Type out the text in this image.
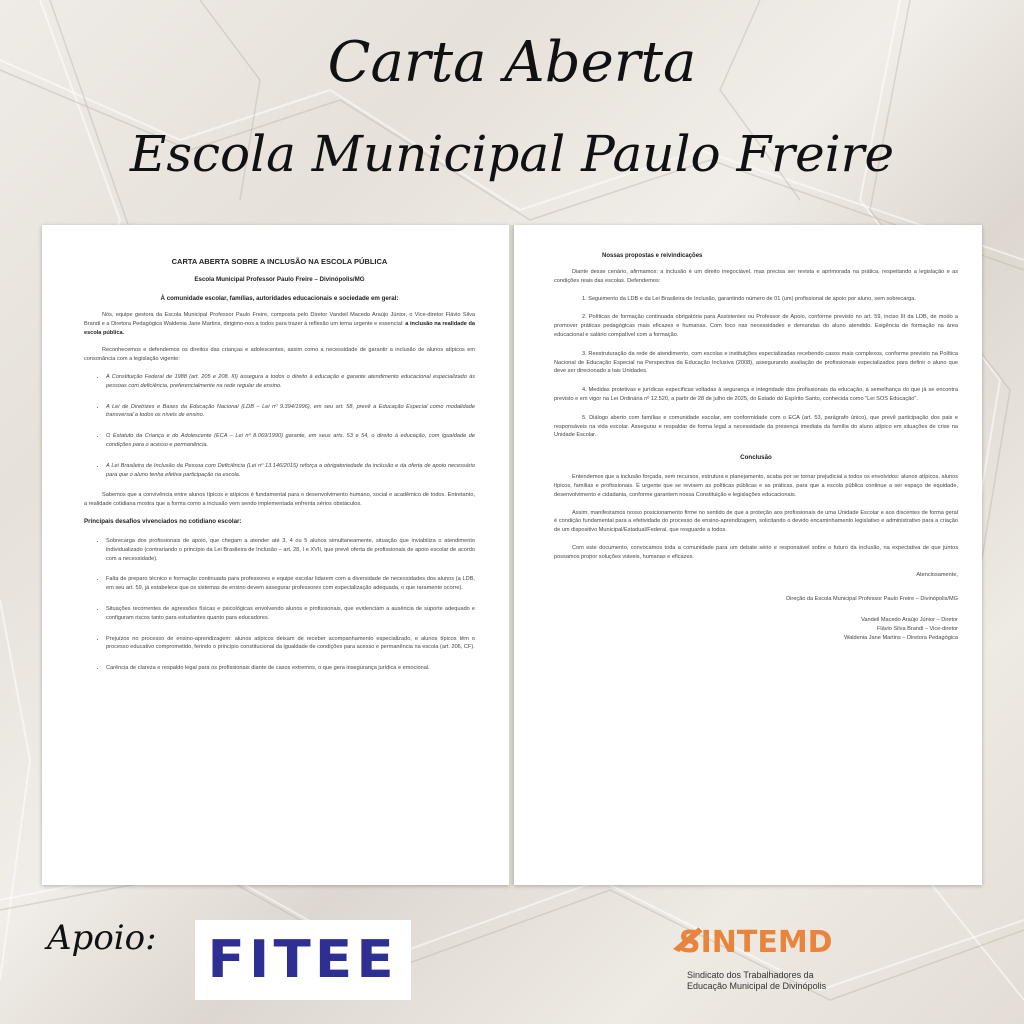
Carta Aberta
Escola Municipal Paulo Freire

CARTA ABERTA SOBRE A INCLUSÃO NA ESCOLA PÚBLICA

Escola Municipal Professor Paulo Freire – Divinópolis/MG

À comunidade escolar, famílias, autoridades educacionais e sociedade em geral:

Nós, equipe gestora da Escola Municipal Professor Paulo Freire, composta pelo Diretor Vandeil Macedo Araújo Júnior, o Vice-diretor Flávio Silva Brandi e a Diretora Pedagógica Waldenia Jane Martins, dirigimo-nos a todos para trazer à reflexão um tema urgente e essencial: a inclusão na realidade da escola pública.

Reconhecemos e defendemos os direitos das crianças e adolescentes, assim como a necessidade de garantir a inclusão de alunos atípicos em consonância com a legislação vigente:

• A Constituição Federal de 1988 (art. 205 e 208, III) assegura a todos o direito à educação e garante atendimento educacional especializado às pessoas com deficiência, preferencialmente na rede regular de ensino.
• A Lei de Diretrizes e Bases da Educação Nacional (LDB – Lei nº 9.394/1996), em seu art. 58, prevê a Educação Especial como modalidade transversal a todos os níveis de ensino.
• O Estatuto da Criança e do Adolescente (ECA – Lei nº 8.069/1990) garante, em seus arts. 53 e 54, o direito à educação, com igualdade de condições para o acesso e permanência.
• A Lei Brasileira de Inclusão da Pessoa com Deficiência (Lei nº 13.146/2015) reforça a obrigatoriedade da inclusão e da oferta de apoio necessário para que o aluno tenha efetiva participação na escola.

Sabemos que a convivência entre alunos típicos e atípicos é fundamental para o desenvolvimento humano, social e acadêmico de todos. Entretanto, a realidade cotidiana mostra que a forma como a inclusão vem sendo implementada enfrenta sérios obstáculos.

Principais desafios vivenciados no cotidiano escolar:

• Sobrecarga dos profissionais de apoio, que chegam a atender até 3, 4 ou 5 alunos simultaneamente, situação que inviabiliza o atendimento individualizado (contrariando o princípio da Lei Brasileira de Inclusão – art. 28, I e XVII, que prevê oferta de profissionais de apoio escolar de acordo com a necessidade).
• Falta de preparo técnico e formação continuada para professores e equipe escolar lidarem com a diversidade de necessidades dos alunos (a LDB, em seu art. 59, já estabelece que os sistemas de ensino devem assegurar professores com especialização adequada, o que raramente ocorre).
• Situações recorrentes de agressões físicas e psicológicas envolvendo alunos e profissionais, que evidenciam a ausência de suporte adequado e configuram riscos tanto para estudantes quanto para educadores.
• Prejuízos no processo de ensino-aprendizagem: alunos atípicos deixam de receber acompanhamento especializado, e alunos típicos têm o processo educativo comprometido, ferindo o princípio constitucional da igualdade de condições para acesso e permanência na escola (art. 206, CF).
• Carência de clareza e respaldo legal para os profissionais diante de casos extremos, o que gera insegurança jurídica e emocional.

Nossas propostas e reivindicações

Diante desse cenário, afirmamos: a inclusão é um direito inegociável, mas precisa ser revista e aprimorada na prática, respeitando a legislação e as condições reais das escolas. Defendemos:

1. Seguimento da LDB e da Lei Brasileira de Inclusão, garantindo número de 01 (um) profissional de apoio por aluno, sem sobrecarga.

2. Políticas de formação continuada obrigatória para Assistentes ou Professor de Apoio, conforme previsto no art. 59, inciso III da LDB, de modo a promover práticas pedagógicas mais eficazes e humanas. Com foco nas necessidades e demandas do aluno atendido. Exigência de formação na área educacional e salário compatível com a formação.

3. Reestruturação da rede de atendimento, com escolas e instituições especializadas recebendo casos mais complexos, conforme previsto na Política Nacional de Educação Especial na Perspectiva da Educação Inclusiva (2008), assegurando avaliação de profissionais especializados para definir o aluno que deve ser direcionado a tais Unidades.

4. Medidas protetivas e jurídicas específicas voltadas à segurança e integridade dos profissionais da educação, à semelhança do que já se encontra previsto e em vigor na Lei Ordinária nº 12.520, a partir de 28 de julho de 2025, do Estado do Espírito Santo, conhecida como "Lei SOS Educação".

5. Diálogo aberto com famílias e comunidade escolar, em conformidade com o ECA (art. 53, parágrafo único), que prevê participação dos pais e responsáveis na vida escolar. Assegurar e respaldar de forma legal a necessidade da presença imediata da família do aluno atípico em situações de crise na Unidade Escolar.

Conclusão

Entendemos que a inclusão forçada, sem recursos, estrutura e planejamento, acaba por se tornar prejudicial a todos os envolvidos: alunos atípicos, alunos típicos, famílias e profissionais. É urgente que se revisem as políticas públicas e as práticas, para que a escola pública continue a ser espaço de equidade, desenvolvimento e cidadania, conforme garantem nossa Constituição e legislações educacionais.

Assim, manifestamos nosso posicionamento firme no sentido de que a proteção aos profissionais de uma Unidade Escolar e aos discentes de forma geral é condição fundamental para a efetividade do processo de ensino-aprendizagem, solicitando o devido encaminhamento legislativo e administrativo para a criação de um dispositivo Municipal/Estadual/Federal, que resguarde a todos.

Com este documento, convocamos toda a comunidade para um debate sério e responsável sobre o futuro da inclusão, na expectativa de que juntos possamos propor soluções viáveis, humanas e eficazes.

Atenciosamente,

Direção da Escola Municipal Professor Paulo Freire – Divinópolis/MG

Vandeil Macedo Araújo Júnior – Diretor

Flávio Silva Brandi – Vice-diretor

Waldenia Jane Martins – Diretora Pedagógica

Apoio: FITEE	SINTEMD
Sindicato dos Trabalhadores da
Educação Municipal de Divinópolis
